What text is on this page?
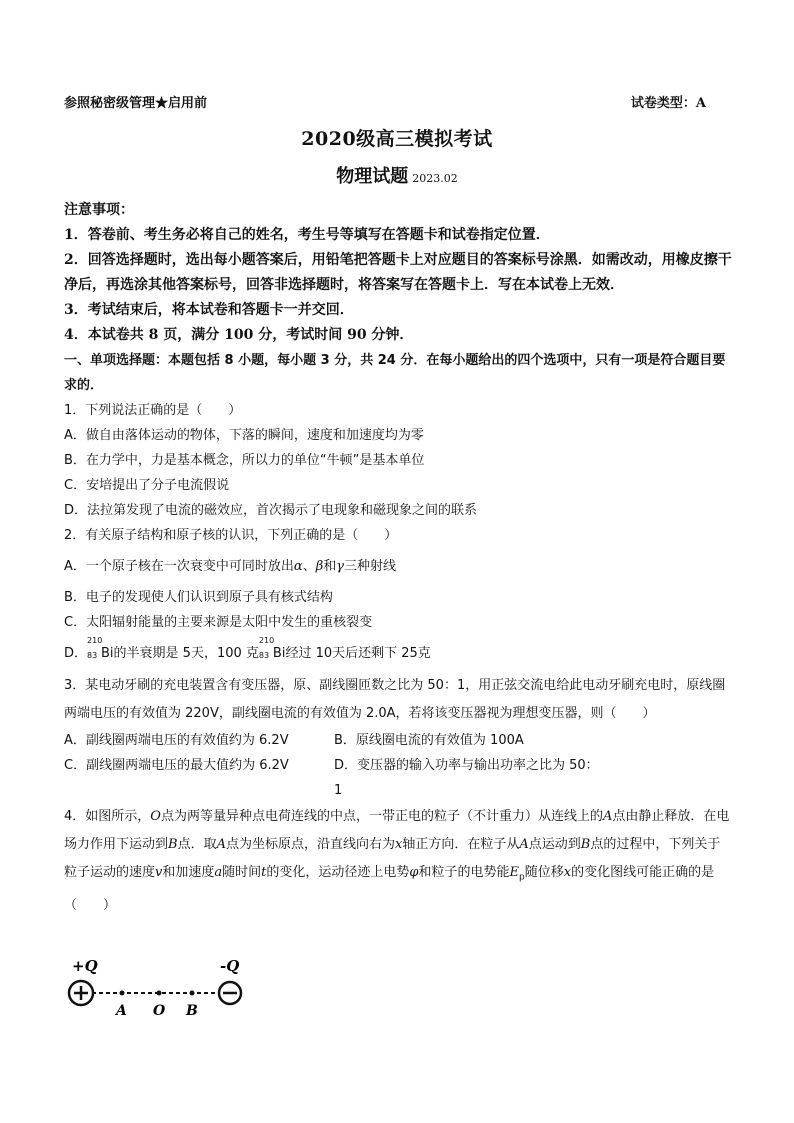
参照秘密级管理★启用前	试卷类型：A
2020级高三模拟考试
物理试题 2023.02

注意事项：

1．答卷前、考生务必将自己的姓名，考生号等填写在答题卡和试卷指定位置．

2．回答选择题时，选出每小题答案后，用铅笔把答题卡上对应题目的答案标号涂黑．如需改动，用橡皮擦干净后，再选涂其他答案标号，回答非选择题时，将答案写在答题卡上．写在本试卷上无效．

3．考试结束后，将本试卷和答题卡一并交回．

4．本试卷共 8 页，满分 100 分，考试时间 90 分钟．

一、单项选择题：本题包括 8 小题，每小题 3 分，共 24 分．在每小题给出的四个选项中，只有一项是符合题目要求的．

1．下列说法正确的是（　　）

A．做自由落体运动的物体，下落的瞬间，速度和加速度均为零

B．在力学中，力是基本概念，所以力的单位“牛顿”是基本单位

C．安培提出了分子电流假说

D．法拉第发现了电流的磁效应，首次揭示了电现象和磁现象之间的联系

2．有关原子结构和原子核的认识，下列正确的是（　　）

A．一个原子核在一次衰变中可同时放出α、β和γ三种射线

B．电子的发现使人们认识到原子具有核式结构

C．太阳辐射能量的主要来源是太阳中发生的重核裂变

D．
210
83 Bi的半衰期是 5天，100 克
210
83 Bi经过 10天后还剩下 25克

3．某电动牙刷的充电装置含有变压器，原、副线圈匝数之比为 50：1，用正弦交流电给此电动牙刷充电时，原线圈两端电压的有效值为 220V，副线圈电流的有效值为 2.0A，若将该变压器视为理想变压器，则（　　）

A．副线圈两端电压的有效值约为 6.2V	B．原线圈电流的有效值为 100A
C．副线圈两端电压的最大值约为 6.2V	D．变压器的输入功率与输出功率之比为 50：1

4．如图所示，O点为两等量异种点电荷连线的中点，一带正电的粒子（不计重力）从连线上的A点由静止释放．在电场力作用下运动到B点．取A点为坐标原点，沿直线向右为x轴正方向．在粒子从A点运动到B点的过程中，下列关于粒子运动的速度v和加速度a随时间t的变化，运动径迹上电势φ和粒子的电势能$E_p$随位移x的变化图线可能正确的是（　　）

+Q	-Q
A O B
